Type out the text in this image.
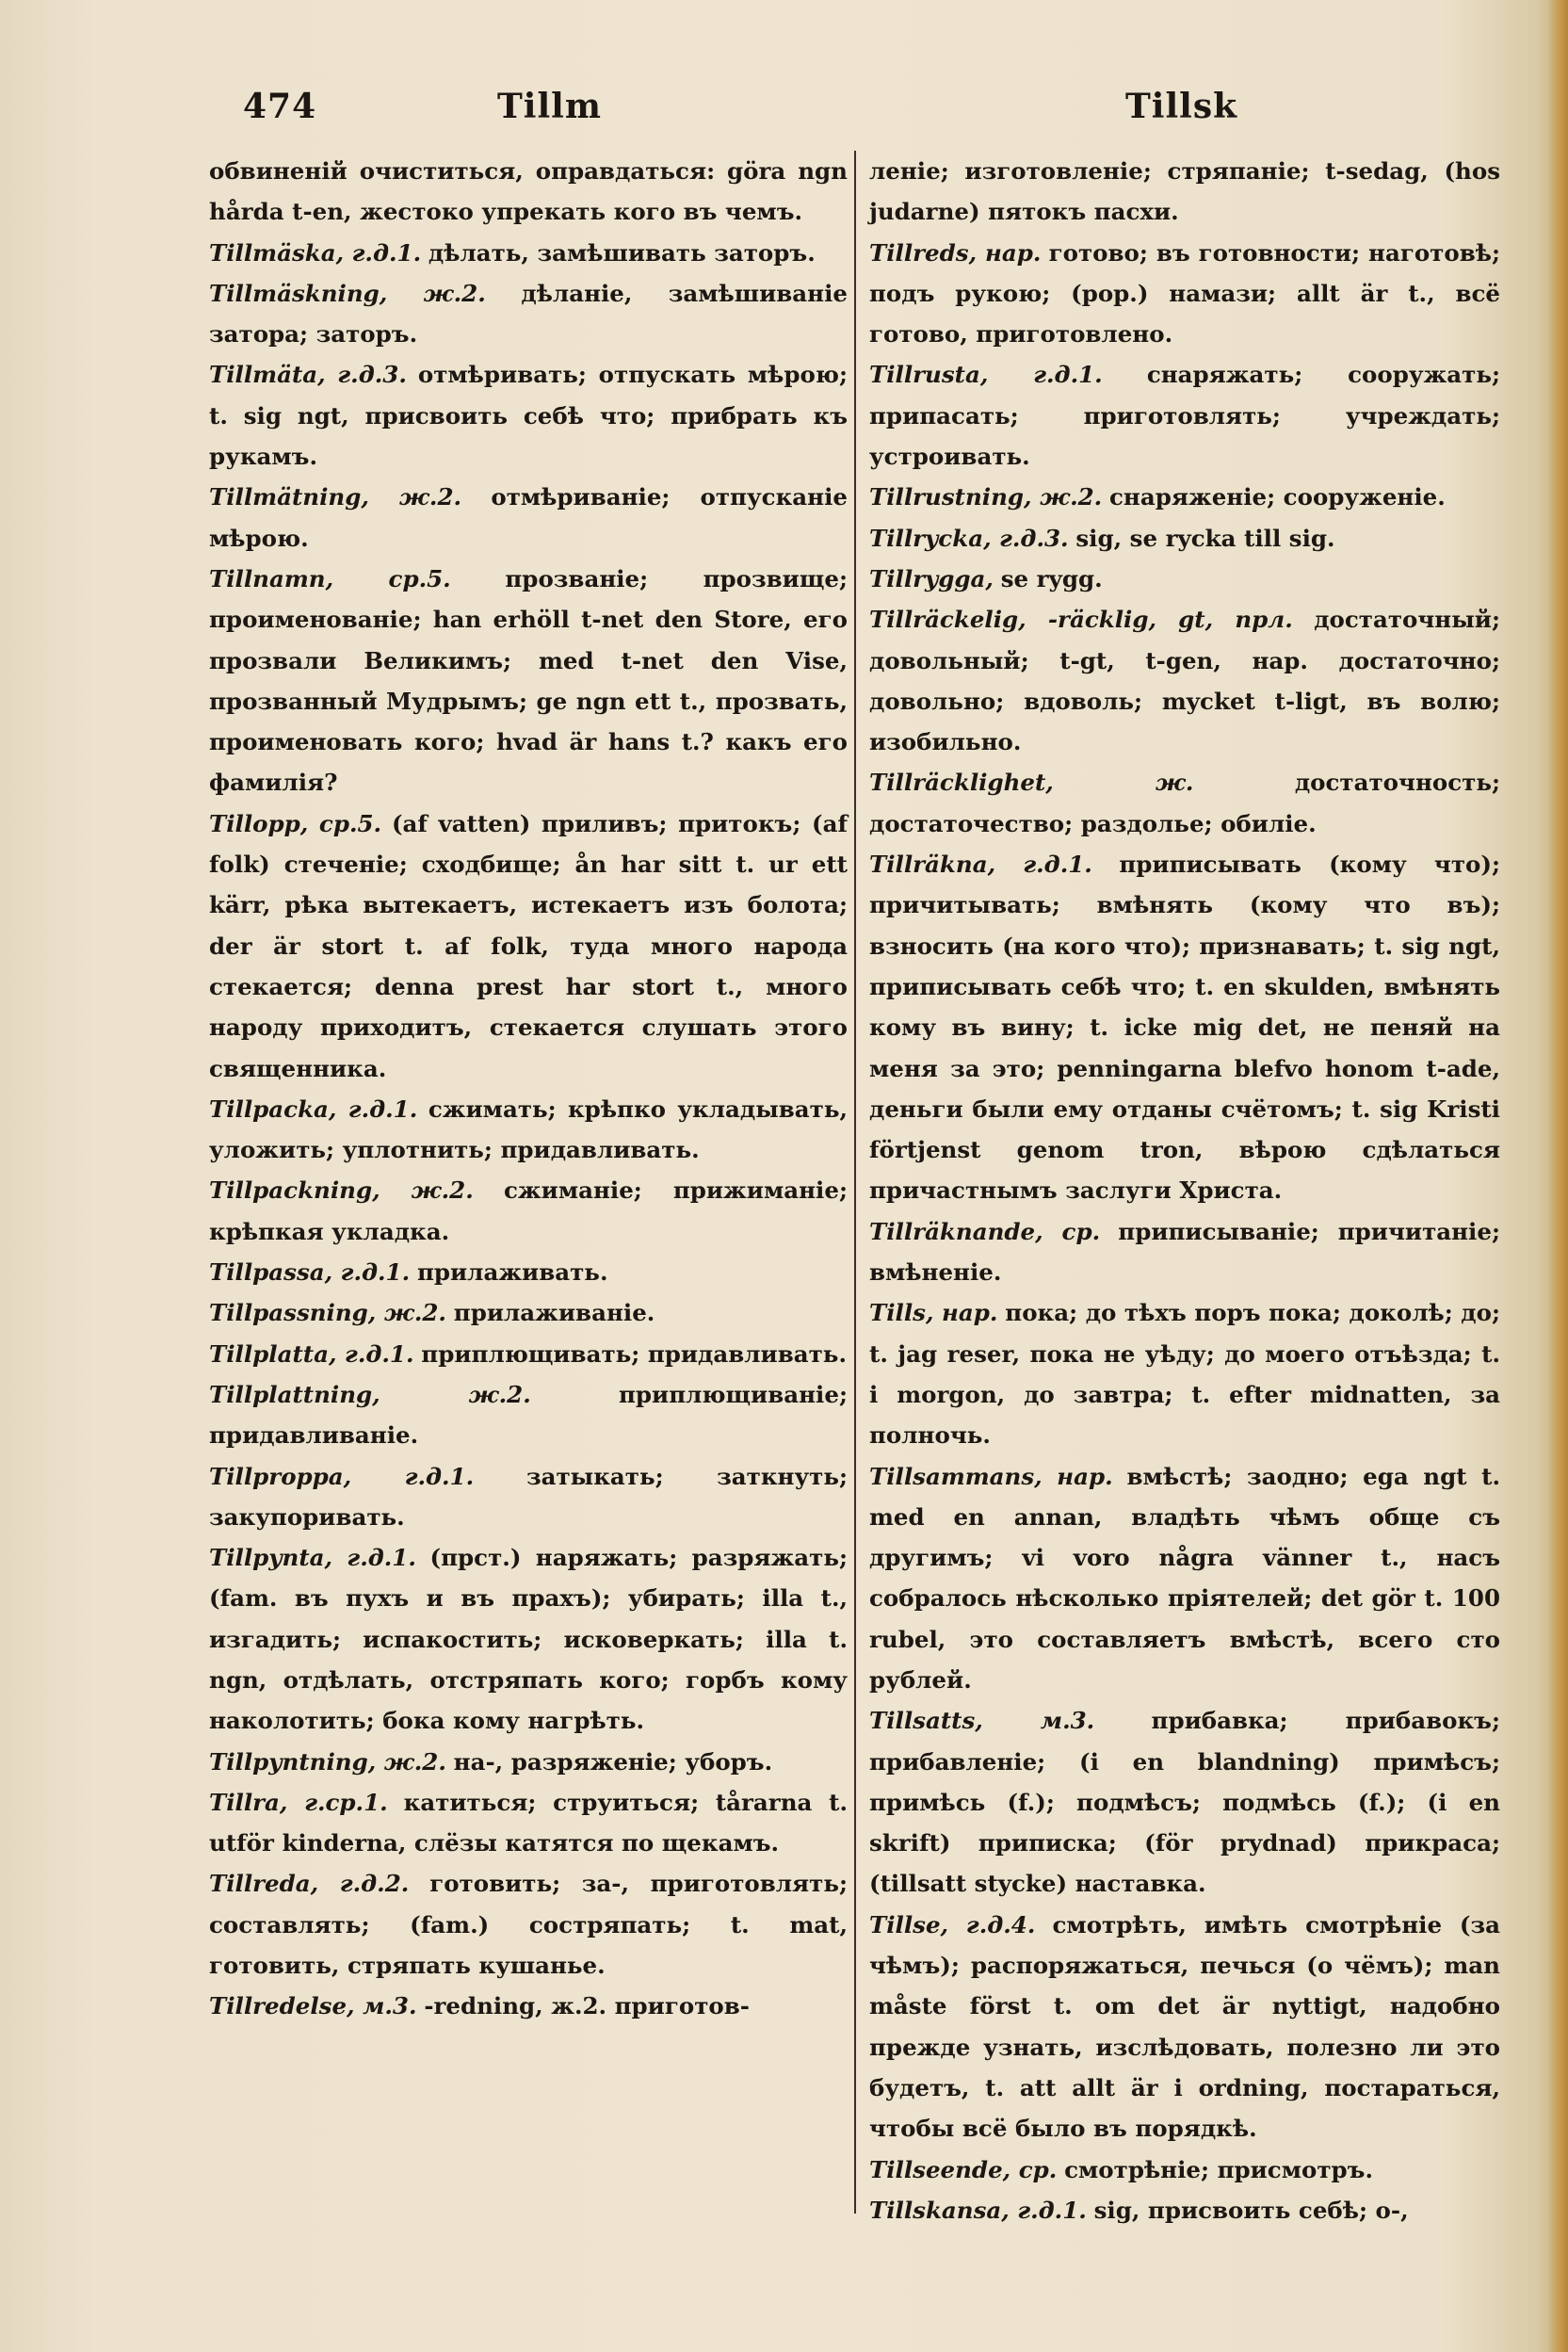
474	Tillm	Tillsk

обвиненій очиститься, оправдаться: göra ngn hårda t-en, жестоко упрекать кого въ чемъ.

Tillmäska, г.д.1. дѣлать, замѣшивать заторъ.

Tillmäskning, ж.2. дѣланіе, замѣшиваніе затора; заторъ.

Tillmäta, г.д.3. отмѣривать; отпускать мѣрою; t. sig ngt, присвоить себѣ что; прибрать къ рукамъ.

Tillmätning, ж.2. отмѣриваніе; отпусканіе мѣрою.

Tillnamn, ср.5. прозваніе; прозвище; проименованіе; han erhöll t-net den Store, его прозвали Великимъ; med t-net den Vise, прозванный Мудрымъ; ge ngn ett t., прозвать, проименовать кого; hvad är hans t.? какъ его фамилія?

Tillopp, ср.5. (af vatten) приливъ; притокъ; (af folk) стеченіе; сходбище; ån har sitt t. ur ett kärr, рѣка вытекаетъ, истекаетъ изъ болота; der är stort t. af folk, туда много народа стекается; denna prest har stort t., много народу приходитъ, стекается слушать этого священника.

Tillpacka, г.д.1. сжимать; крѣпко укладывать, уложить; уплотнить; придавливать.

Tillpackning, ж.2. сжиманіе; прижиманіе; крѣпкая укладка.

Tillpassa, г.д.1. прилаживать.

Tillpassning, ж.2. прилаживаніе.

Tillplatta, г.д.1. приплющивать; придавливать.

Tillplattning, ж.2.	приплющиваніе; придавливаніе.

Tillproppa, г.д.1. затыкать; заткнуть; закупоривать.

Tillpynta, г.д.1. (прст.) наряжать; разряжать; (fam. въ пухъ и въ прахъ); убирать; illa t., изгадить; испакостить; исковеркать; illa t. ngn, отдѣлать, отстряпать кого; горбъ кому наколотить; бока кому нагрѣть.

Tillpyntning, ж.2. на-, разряженіе; уборъ.

Tillra, г.ср.1. катиться; струиться; tårarna t. utför kinderna, слёзы катятся по щекамъ.

Tillreda, г.д.2. готовить; за-, приготовлять; составлять; (fam.) состряпать; t. mat, готовить, стряпать кушанье.

Tillredelse, м.3. -redning, ж.2. приготов-

леніе; изготовленіе; стряпаніе; t-sedag, (hos judarne) пятокъ пасхи.

Tillreds, нар. готово; въ готовности; наготовѣ; подъ рукою; (рор.) намази; allt är t., всё готово, приготовлено.

Tillrusta, г.д.1. снаряжать; сооружать; припасать; приготовлять; учреждать; устроивать.

Tillrustning, ж.2. снаряженіе; сооруженіе.

Tillrycka, г.д.3. sig, se rycka till sig.

Tillrygga, se rygg.

Tillräckelig, -räcklig, gt, прл. достаточный; довольный; t-gt, t-gen, нар. достаточно; довольно; вдоволь; mycket t-ligt, въ волю; изобильно.

Tillräcklighet, ж.	достаточность; достаточество; раздолье; обиліе.

Tillräkna, г.д.1. приписывать (кому что); причитывать; вмѣнять (кому что въ); взносить (на кого что); признавать; t. sig ngt, приписывать себѣ что; t. en skulden, вмѣнять кому въ вину; t. icke mig det, не пеняй на меня за это; penningarna blefvo honom t-ade, деньги были ему отданы счётомъ; t. sig Kristi förtjenst genom tron, вѣрою сдѣлаться причастнымъ заслуги Христа.

Tillräknande, ср. приписываніе; причитаніе; вмѣненіе.

Tills, нар. пока; до тѣхъ поръ пока; доколѣ; до; t. jag reser, пока не уѣду; до моего отъѣзда; t. i morgon, до завтра; t. efter midnatten, за полночь.

Tillsammans, нар. вмѣстѣ; заодно; ega ngt t. med en annan, владѣть чѣмъ обще съ другимъ; vi voro några vänner t., насъ собралось нѣсколько пріятелей; det gör t. 100 rubel, это составляетъ вмѣстѣ, всего сто рублей.

Tillsatts, м.3. прибавка; прибавокъ; прибавленіе; (i en blandning) примѣсъ; примѣсь (f.); подмѣсъ; подмѣсь (f.); (i en skrift) приписка; (för prydnad) прикраса; (tillsatt stycke) наставка.

Tillse, г.д.4. смотрѣть, имѣть смотрѣніе (за чѣмъ); распоряжаться, печься (о чёмъ); man måste först t. om det är nyttigt, надобно прежде узнать, изслѣдовать, полезно ли это будетъ, t. att allt är i ordning, постараться, чтобы всё было въ порядкѣ.

Tillseende, ср. смотрѣніе; присмотръ.

Tillskansa, г.д.1. sig, присвоить себѣ; о-,
